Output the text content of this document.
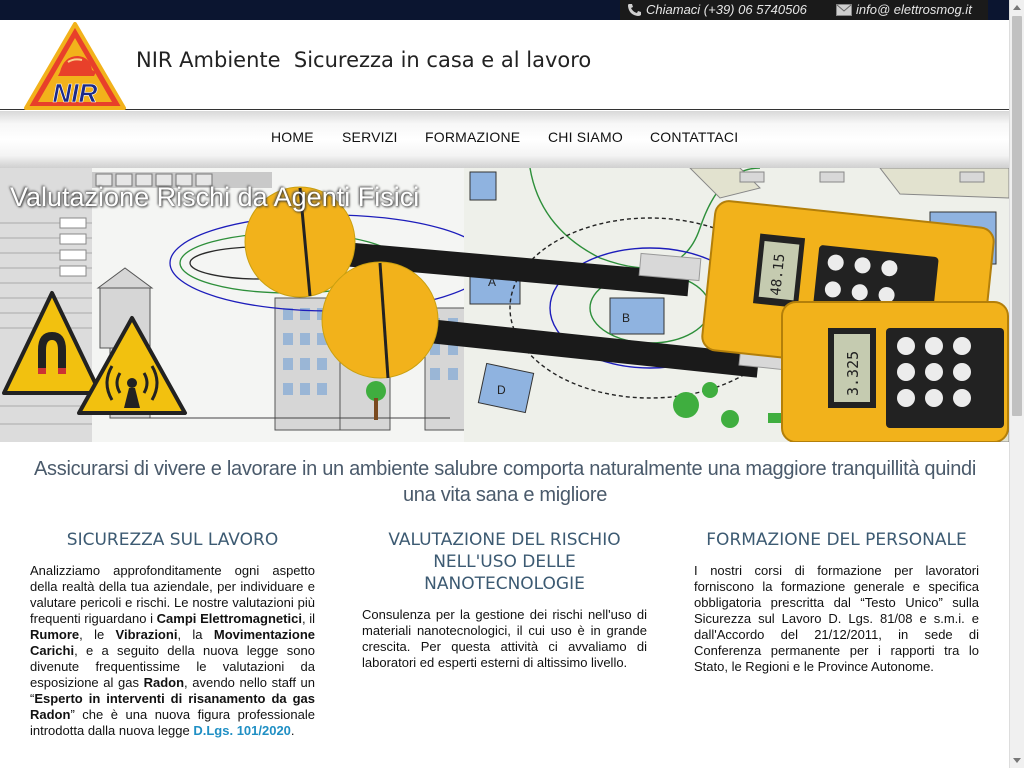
Chiamaci (+39) 06 5740506	info@ elettrosmog.it
NIR
NIR Ambiente  Sicurezza in casa e al lavoro
HOME SERVIZI FORMAZIONE CHI SIAMO CONTATTACI
A
B
D
48.15
3.325
Valutazione Rischi da Agenti Fisici
Assicurarsi di vivere e lavorare in un ambiente salubre comporta naturalmente una maggiore tranquillità quindi una vita sana e migliore
SICUREZZA SUL LAVORO
Analizziamo approfonditamente ogni aspetto della realtà della tua aziendale, per individuare e valutare pericoli e rischi. Le nostre valutazioni più frequenti riguardano i Campi Elettromagnetici, il Rumore, le Vibrazioni, la Movimentazione Carichi, e a seguito della nuova legge sono divenute frequentissime le valutazioni da esposizione al gas Radon, avendo nello staff un “Esperto in interventi di risanamento da gas Radon” che è una nuova figura professionale introdotta dalla nuova legge D.Lgs. 101/2020.
VALUTAZIONE DEL RISCHIO NELL'USO DELLE NANOTECNOLOGIE
Consulenza per la gestione dei rischi nell'uso di materiali nanotecnologici, il cui uso è in grande crescita. Per questa attività ci avvaliamo di laboratori ed esperti esterni di altissimo livello.
FORMAZIONE DEL PERSONALE
I nostri corsi di formazione per lavoratori forniscono la formazione generale e specifica obbligatoria prescritta dal “Testo Unico” sulla Sicurezza sul Lavoro D. Lgs. 81/08 e s.m.i. e dall'Accordo del 21/12/2011, in sede di Conferenza permanente per i rapporti tra lo Stato, le Regioni e le Province Autonome.
